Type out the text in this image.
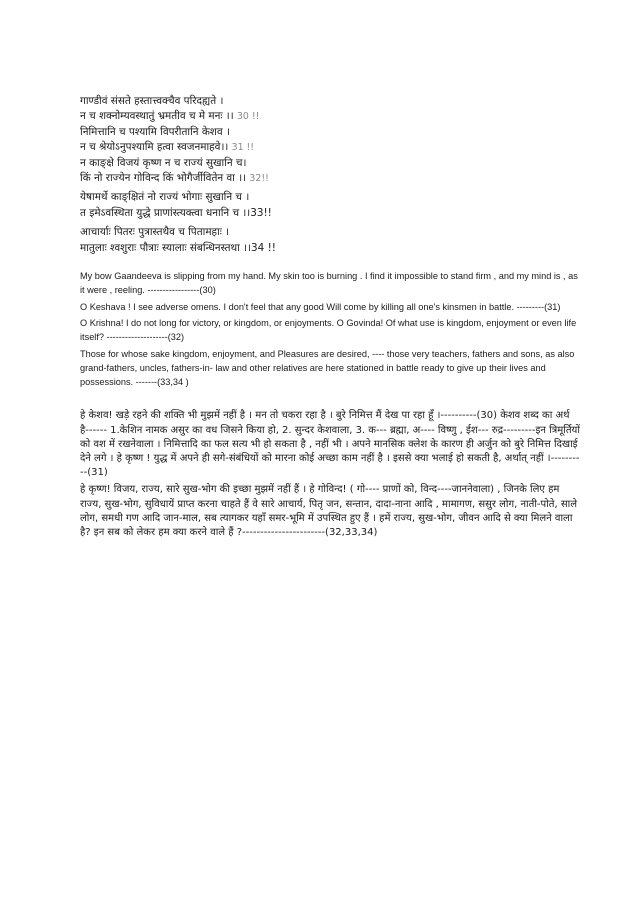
गाण्डीवं संसते हस्तात्त्वक्चैव परिदह्यते ।
न च शक्नोम्यवस्थातुं भ्रमतीव च मे मनः ।। 30 !!
निमित्तानि च पश्यामि विपरीतानि केशव ।
न च श्रेयोऽनुपश्यामि हत्वा स्वजनमाहवे।। 31 !!
न काङ्क्षे विजयं कृष्ण न च राज्यं सुखानि च।
किं नो राज्येन गोविन्द किं भोगैर्जीवितेन वा ।। 32!!
येषामर्थे काङ्क्षितं नो राज्यं भोगाः सुखानि च ।
त इमेऽवस्थिता युद्धे प्राणांस्त्यक्त्वा धनानि च ।।33!!
आचार्याः पितरः पुत्रास्तथैव च पितामहाः ।
मातुलाः श्वशुराः पौत्राः स्यालाः संबन्धिनस्तथा ।।34 !!

My bow Gaandeeva is slipping from my hand. My skin too is burning . I find it impossible to stand firm , and my mind is , as it were , reeling. -----------------(30)

O Keshava ! I see adverse omens. I don't feel that any good Will come by killing all one's kinsmen in battle. ---------(31)

O Krishna! I do not long for victory, or kingdom, or enjoyments. O Govinda! Of what use is kingdom, enjoyment or even life itself? --------------------(32)

Those for whose sake kingdom, enjoyment, and Pleasures are desired, ---- those very teachers, fathers and sons, as also grand-fathers, uncles, fathers-in- law and other relatives are here stationed in battle ready to give up their lives and possessions. -------(33,34 )

हे केशव! खड़े रहने की शक्ति भी मुझमें नहीं है । मन तो चकरा रहा है । बुरे निमित्त मैं देख पा रहा हूँ ।----------(30) केशव शब्द का अर्थ है------ 1.केशिन नामक असुर का वध जिसने किया हो, 2. सुन्दर केशवाला, 3. क--- ब्रह्मा, अ---- विष्णु , ईश--- रुद्र---------इन त्रिमूर्तियों को वश में रखनेवाला । निमित्तादि का फल सत्य भी हो सकता है , नहीं भी । अपने मानसिक क्लेश के कारण ही अर्जुन को बुरे निमित्त दिखाई देने लगे । हे कृष्ण ! युद्ध में अपने ही सगे-संबंधियों को मारना कोई अच्छा काम नहीं है । इससे क्या भलाई हो सकती है, अर्थात् नहीं ।----------(31)

हे कृष्ण! विजय, राज्य, सारे सुख-भोग की इच्छा मुझमें नहीं हैं । हे गोविन्द! ( गो---- प्राणों को, विन्द----जाननेवाला) , जिनके लिए हम राज्य, सुख-भोग, सुविधायें प्राप्त करना चाहते हैं वे सारे आचार्य, पितृ जन, सन्तान, दादा-नाना आदि , मामागण, ससुर लोग, नाती-पोते, साले लोग, समधी गण आदि जान-माल, सब त्यागकर यहाँ समर-भूमि में उपस्थित हुए हैं । हमें राज्य, सुख-भोग, जीवन आदि से क्या मिलने वाला है? इन सब को लेकर हम क्या करने वाले हैं ?-----------------------(32,33,34)
